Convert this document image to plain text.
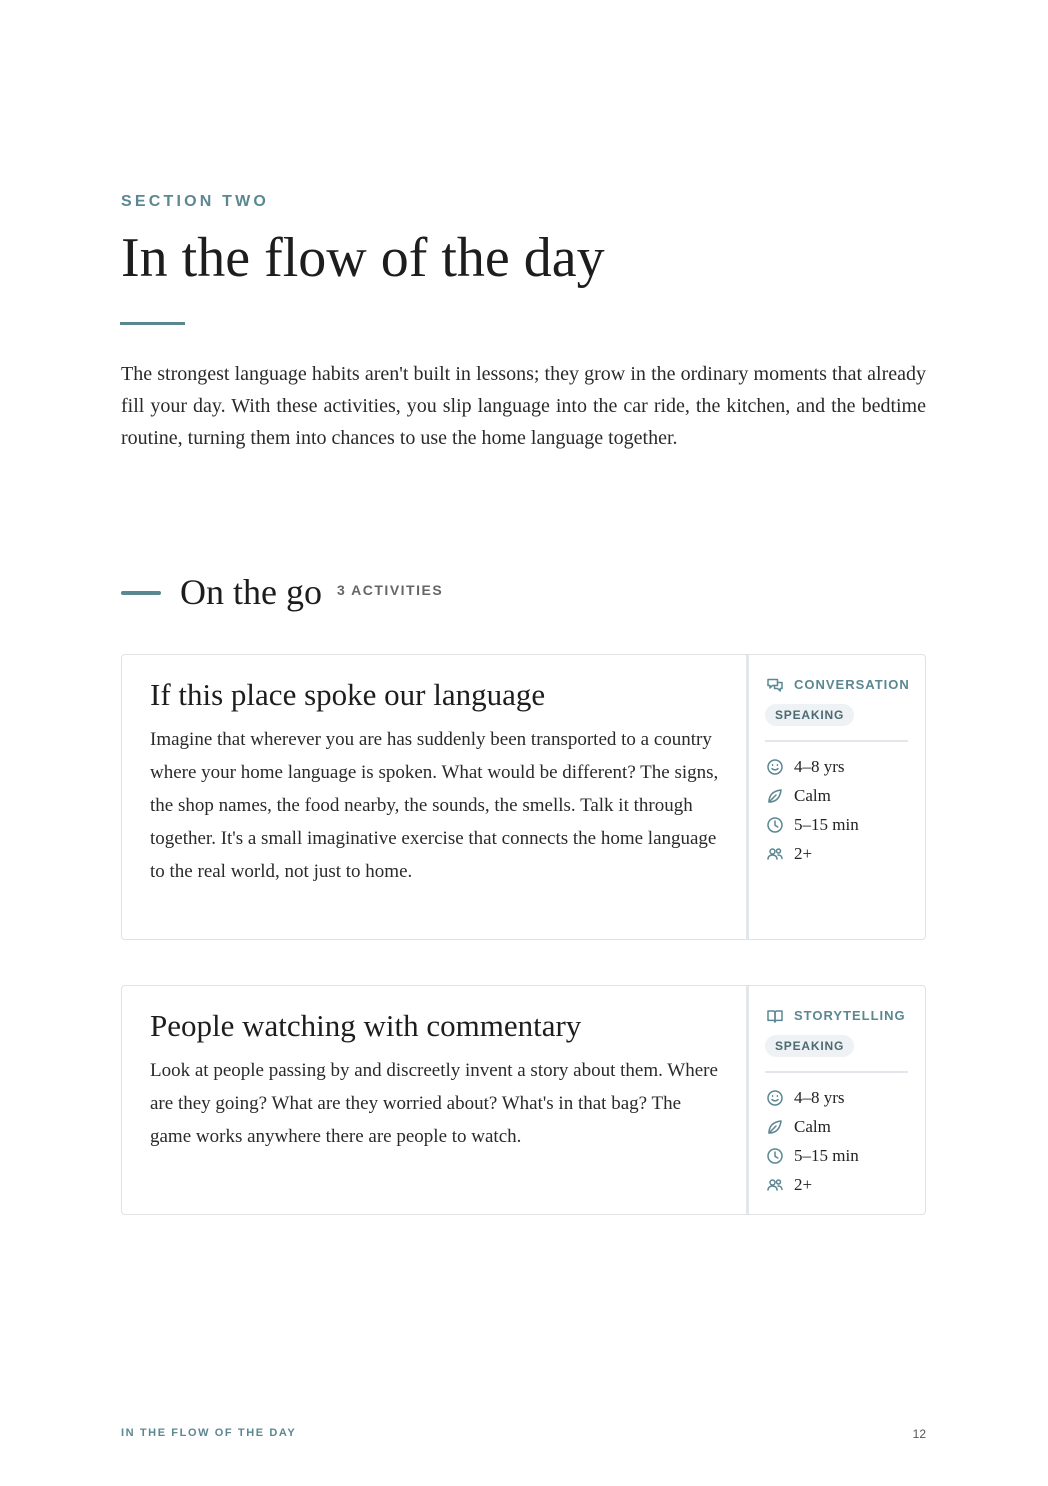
SECTION TWO

In the flow of the day

The strongest language habits aren't built in lessons; they grow in the ordinary moments that already fill your day. With these activities, you slip language into the car ride, the kitchen, and the bedtime routine, turning them into chances to use the home language together.

On the go 3 ACTIVITIES
If this place spoke our language

Imagine that wherever you are has suddenly been transported to a country where your home language is spoken. What would be different? The signs, the shop names, the food nearby, the sounds, the smells. Talk it through together. It's a small imaginative exercise that connects the home language to the real world, not just to home.

CONVERSATION
SPEAKING
4–8 yrs
Calm
5–15 min
2+
People watching with commentary

Look at people passing by and discreetly invent a story about them. Where are they going? What are they worried about? What's in that bag? The game works anywhere there are people to watch.

STORYTELLING
SPEAKING
4–8 yrs
Calm
5–15 min
2+
IN THE FLOW OF THE DAY	12
